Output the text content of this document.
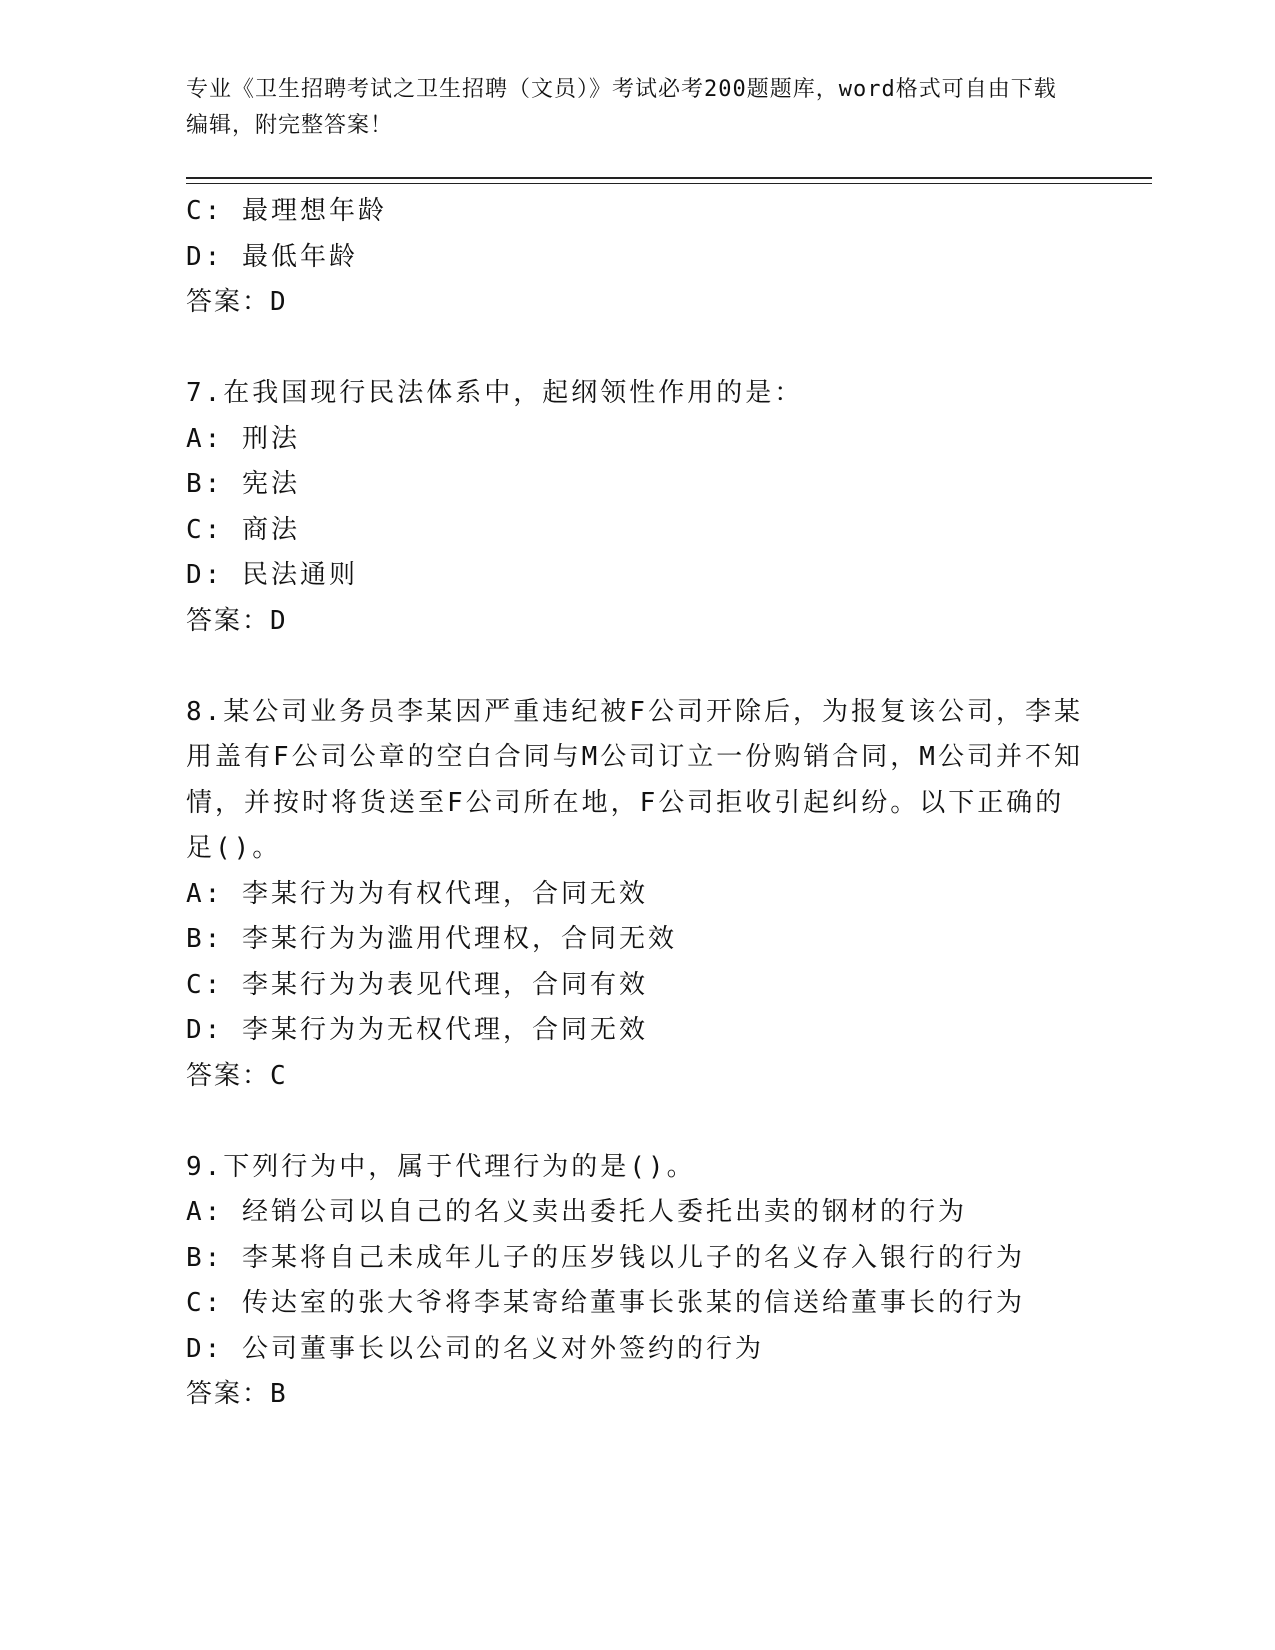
专业《卫生招聘考试之卫生招聘（文员）》考试必考200题题库，word格式可自由下载编辑，附完整答案！
C: 最理想年龄
D: 最低年龄
答案：D
7.在我国现行民法体系中，起纲领性作用的是：
A: 刑法
B: 宪法
C: 商法
D: 民法通则
答案：D
8.某公司业务员李某因严重违纪被F公司开除后，为报复该公司，李某用盖有F公司公章的空白合同与M公司订立一份购销合同，M公司并不知情，并按时将货送至F公司所在地，F公司拒收引起纠纷。以下正确的足()。
A: 李某行为为有权代理，合同无效
B: 李某行为为滥用代理权，合同无效
C: 李某行为为表见代理，合同有效
D: 李某行为为无权代理，合同无效
答案：C
9.下列行为中，属于代理行为的是()。
A: 经销公司以自己的名义卖出委托人委托出卖的钢材的行为
B: 李某将自己未成年儿子的压岁钱以儿子的名义存入银行的行为
C: 传达室的张大爷将李某寄给董事长张某的信送给董事长的行为
D: 公司董事长以公司的名义对外签约的行为
答案：B
